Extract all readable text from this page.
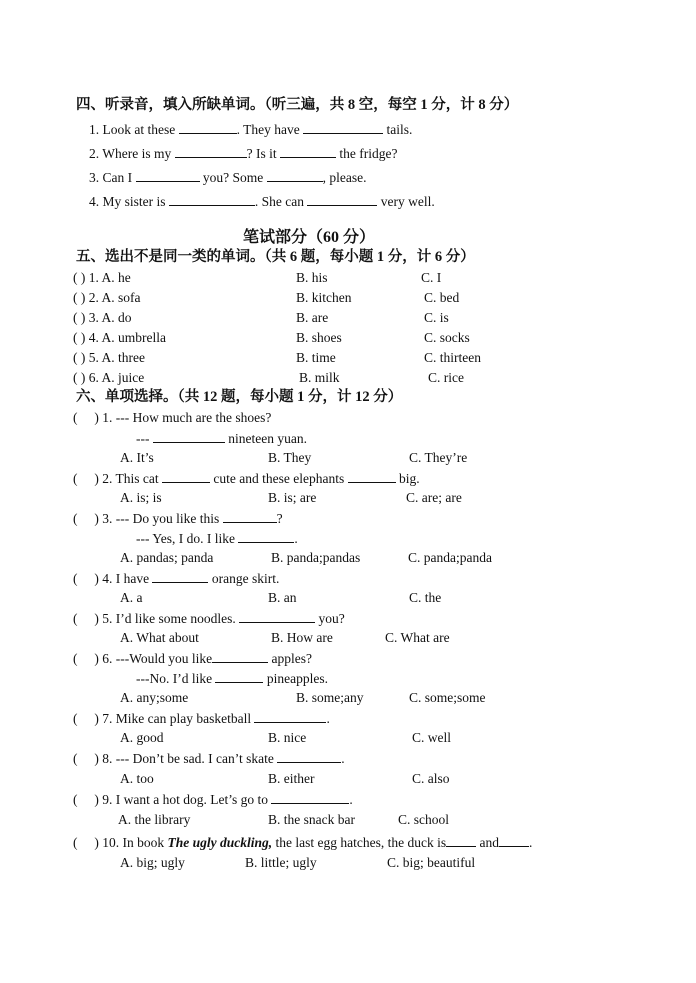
四、听录音，填入所缺单词。（听三遍，共 8 空，每空 1 分，计 8 分）
1. Look at these	. They have	tails.
2. Where is my	? Is it	the fridge?
3. Can I	you? Some	, please.
4. My sister is	. She can	very well.
笔试部分（60 分）
五、选出不是同一类的单词。（共 6 题，每小题 1 分，计 6 分）
( ) 1. A. he	B. his	C. I
( ) 2. A. sofa	B. kitchen	C. bed
( ) 3. A. do	B. are	C. is
( ) 4. A. umbrella	B. shoes	C. socks
( ) 5. A. three	B. time	C. thirteen
( ) 6. A. juice	B. milk	C. rice
六、单项选择。（共 12 题，每小题 1 分，计 12 分）
( ) 1. --- How much are the shoes?
---	nineteen yuan.
A. It’s	B. They	C. They’re
( ) 2. This cat	cute and these elephants	big.
A. is; is	B. is; are	C. are; are
( ) 3. --- Do you like this	?
--- Yes, I do. I like	.
A. pandas; panda	B. panda;pandas	C. panda;panda
( ) 4. I have	orange skirt.
A. a	B. an	C. the
( ) 5. I’d like some noodles.	you?
A. What about	B. How are	C. What are
( ) 6. ---Would you like	apples?
---No. I’d like	pineapples.
A. any;some	B. some;any	C. some;some
( ) 7. Mike can play basketball	.
A. good	B. nice	C. well
( ) 8. --- Don’t be sad. I can’t skate	.
A. too	B. either	C. also
( ) 9. I want a hot dog. Let’s go to	.
A. the library	B. the snack bar	C. school
( ) 10. In book The ugly duckling, the last egg hatches, the duck is and .
A. big; ugly	B. little; ugly	C. big; beautiful
